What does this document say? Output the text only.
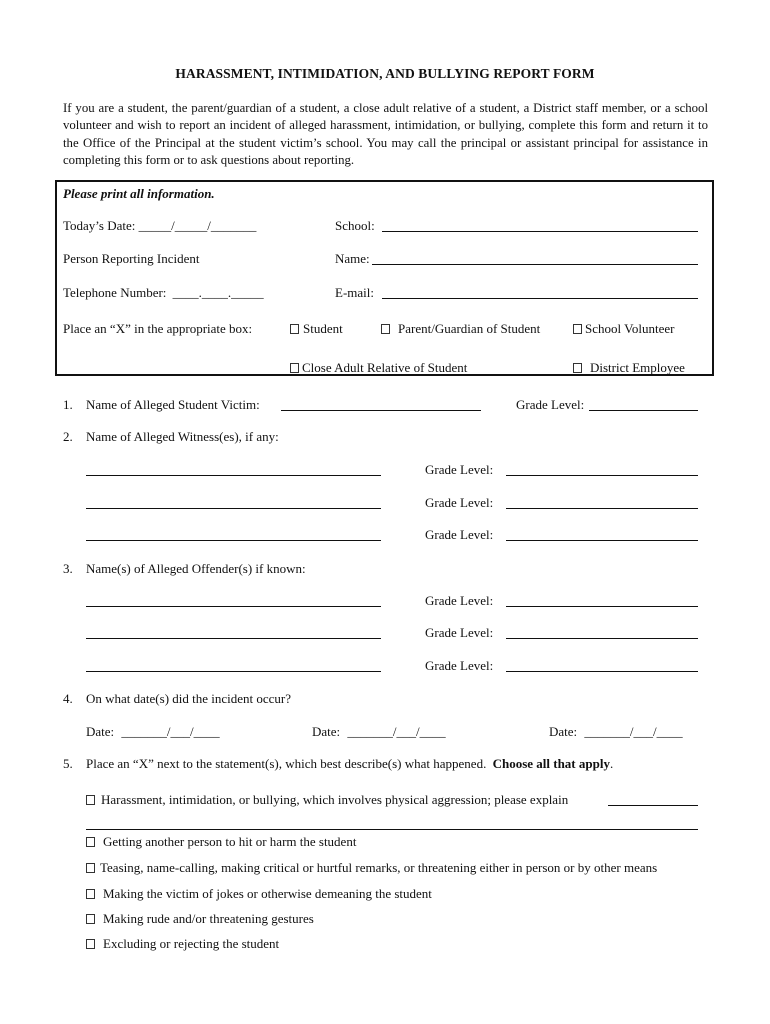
HARASSMENT, INTIMIDATION, AND BULLYING REPORT FORM
If you are a student, the parent/guardian of a student, a close adult relative of a student, a District staff member, or a school volunteer and wish to report an incident of alleged harassment, intimidation, or bullying, complete this form and return it to the Office of the Principal at the student victim’s school. You may call the principal or assistant principal for assistance in completing this form or to ask questions about reporting.
Please print all information.
Today’s Date: _____/_____/_______	School:
Person Reporting Incident	Name:
Telephone Number: ____.____._____	E-mail:
Place an “X” in the appropriate box:	Student	Parent/Guardian of Student	School Volunteer
Close Adult Relative of Student	District Employee
1. Name of Alleged Student Victim:	Grade Level:
2. Name of Alleged Witness(es), if any:
Grade Level:
Grade Level:
Grade Level:
3. Name(s) of Alleged Offender(s) if known:
Grade Level:
Grade Level:
Grade Level:
4. On what date(s) did the incident occur?
Date: _______/___/____	Date: _______/___/____	Date: _______/___/____
5. Place an “X” next to the statement(s), which best describe(s) what happened. Choose all that apply.
Harassment, intimidation, or bullying, which involves physical aggression; please explain
Getting another person to hit or harm the student
Teasing, name-calling, making critical or hurtful remarks, or threatening either in person or by other means
Making the victim of jokes or otherwise demeaning the student
Making rude and/or threatening gestures
Excluding or rejecting the student
